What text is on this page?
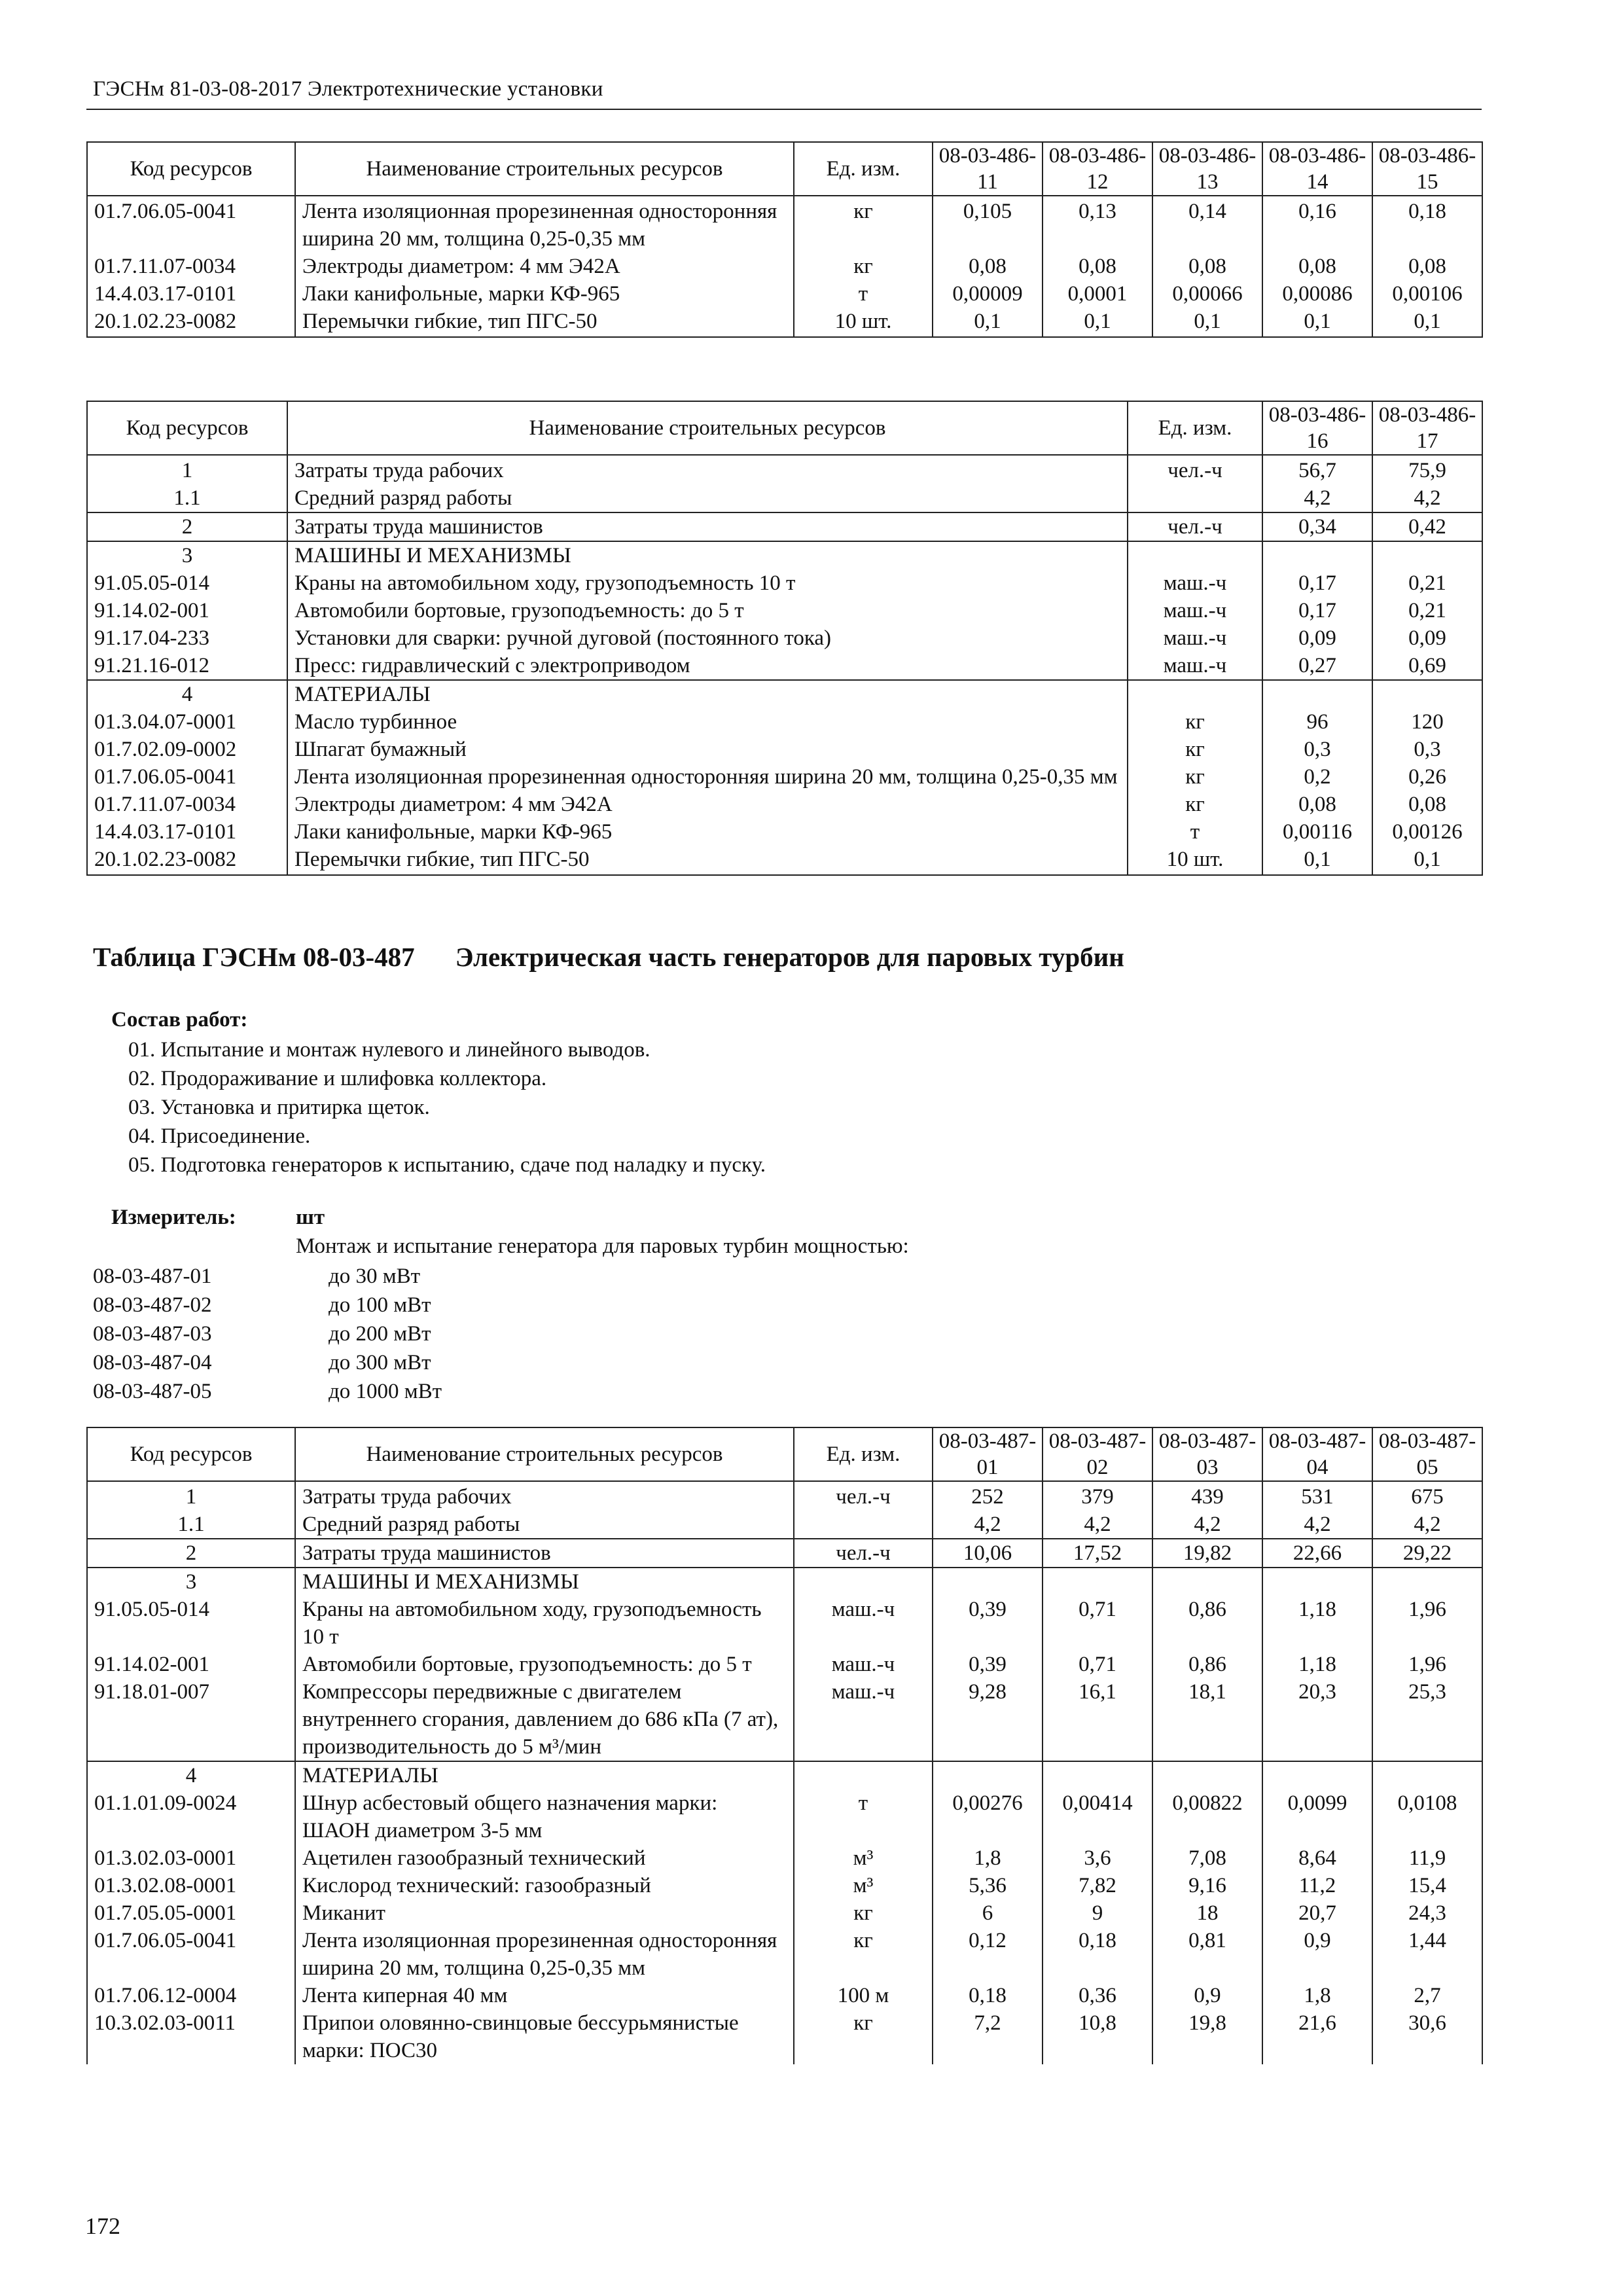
ГЭСНм 81-03-08-2017 Электротехнические установки
Код ресурсов	Наименование строительных ресурсов	Ед. изм.	08-03-486-11	08-03-486-12	08-03-486-13	08-03-486-14	08-03-486-15
01.7.06.05-0041	Лента изоляционная прорезиненная односторонняя ширина 20 мм, толщина 0,25-0,35 мм	кг	0,105	0,13	0,14	0,16	0,18
01.7.11.07-0034	Электроды диаметром: 4 мм Э42А	кг	0,08	0,08	0,08	0,08	0,08
14.4.03.17-0101	Лаки канифольные, марки КФ-965	т	0,00009	0,0001	0,00066	0,00086	0,00106
20.1.02.23-0082	Перемычки гибкие, тип ПГС-50	10 шт.	0,1	0,1	0,1	0,1	0,1
Код ресурсов	Наименование строительных ресурсов	Ед. изм.	08-03-486-16	08-03-486-17
1	Затраты труда рабочих	чел.-ч	56,7	75,9
1.1	Средний разряд работы		4,2	4,2
2	Затраты труда машинистов	чел.-ч	0,34	0,42
3	МАШИНЫ И МЕХАНИЗМЫ			
91.05.05-014	Краны на автомобильном ходу, грузоподъемность 10 т	маш.-ч	0,17	0,21
91.14.02-001	Автомобили бортовые, грузоподъемность: до 5 т	маш.-ч	0,17	0,21
91.17.04-233	Установки для сварки: ручной дуговой (постоянного тока)	маш.-ч	0,09	0,09
91.21.16-012	Пресс: гидравлический с электроприводом	маш.-ч	0,27	0,69
4	МАТЕРИАЛЫ			
01.3.04.07-0001	Масло турбинное	кг	96	120
01.7.02.09-0002	Шпагат бумажный	кг	0,3	0,3
01.7.06.05-0041	Лента изоляционная прорезиненная односторонняя ширина 20 мм, толщина 0,25-0,35 мм	кг	0,2	0,26
01.7.11.07-0034	Электроды диаметром: 4 мм Э42А	кг	0,08	0,08
14.4.03.17-0101	Лаки канифольные, марки КФ-965	т	0,00116	0,00126
20.1.02.23-0082	Перемычки гибкие, тип ПГС-50	10 шт.	0,1	0,1
Таблица ГЭСНм 08-03-487 Электрическая часть генераторов для паровых турбин
Состав работ:
01. Испытание и монтаж нулевого и линейного выводов.
02. Продораживание и шлифовка коллектора.
03. Установка и притирка щеток.
04. Присоединение.
05. Подготовка генераторов к испытанию, сдаче под наладку и пуску.
Измеритель:	шт
Монтаж и испытание генератора для паровых турбин мощностью:
08-03-487-01	до 30 мВт
08-03-487-02	до 100 мВт
08-03-487-03	до 200 мВт
08-03-487-04	до 300 мВт
08-03-487-05	до 1000 мВт
Код ресурсов	Наименование строительных ресурсов	Ед. изм.	08-03-487-01	08-03-487-02	08-03-487-03	08-03-487-04	08-03-487-05
1	Затраты труда рабочих	чел.-ч	252	379	439	531	675
1.1	Средний разряд работы		4,2	4,2	4,2	4,2	4,2
2	Затраты труда машинистов	чел.-ч	10,06	17,52	19,82	22,66	29,22
3	МАШИНЫ И МЕХАНИЗМЫ						
91.05.05-014	Краны на автомобильном ходу, грузоподъемность 10 т	маш.-ч	0,39	0,71	0,86	1,18	1,96
91.14.02-001	Автомобили бортовые, грузоподъемность: до 5 т	маш.-ч	0,39	0,71	0,86	1,18	1,96
91.18.01-007	Компрессоры передвижные с двигателем внутреннего сгорания, давлением до 686 кПа (7 ат), производительность до 5 м³/мин	маш.-ч	9,28	16,1	18,1	20,3	25,3
4	МАТЕРИАЛЫ						
01.1.01.09-0024	Шнур асбестовый общего назначения марки: ШАОН диаметром 3-5 мм	т	0,00276	0,00414	0,00822	0,0099	0,0108
01.3.02.03-0001	Ацетилен газообразный технический	м³	1,8	3,6	7,08	8,64	11,9
01.3.02.08-0001	Кислород технический: газообразный	м³	5,36	7,82	9,16	11,2	15,4
01.7.05.05-0001	Миканит	кг	6	9	18	20,7	24,3
01.7.06.05-0041	Лента изоляционная прорезиненная односторонняя ширина 20 мм, толщина 0,25-0,35 мм	кг	0,12	0,18	0,81	0,9	1,44
01.7.06.12-0004	Лента киперная 40 мм	100 м	0,18	0,36	0,9	1,8	2,7
10.3.02.03-0011	Припои оловянно-свинцовые бессурьмянистые марки: ПОС30	кг	7,2	10,8	19,8	21,6	30,6
172
